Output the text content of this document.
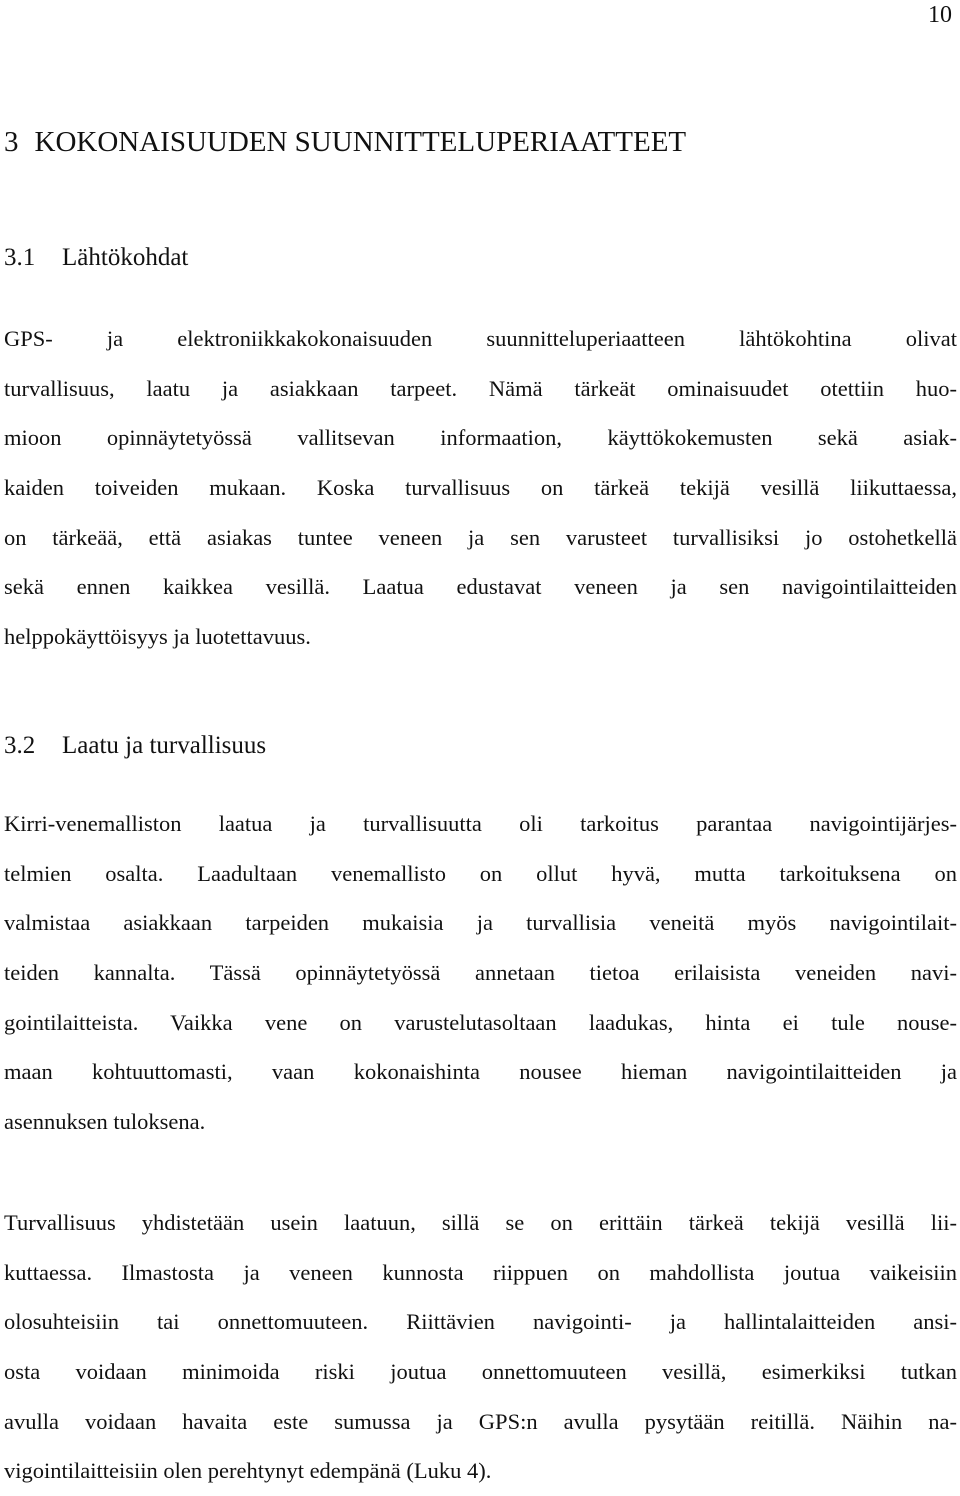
10
3 KOKONAISUUDEN SUUNNITTELUPERIAATTEET
3.1 Lähtökohdat

GPS- ja elektroniikkakokonaisuuden suunnitteluperiaatteen lähtökohtina olivat
turvallisuus, laatu ja asiakkaan tarpeet. Nämä tärkeät ominaisuudet otettiin huo-
mioon opinnäytetyössä vallitsevan informaation, käyttökokemusten sekä asiak-
kaiden toiveiden mukaan. Koska turvallisuus on tärkeä tekijä vesillä liikuttaessa,
on tärkeää, että asiakas tuntee veneen ja sen varusteet turvallisiksi jo ostohetkellä
sekä ennen kaikkea vesillä. Laatua edustavat veneen ja sen navigointilaitteiden
helppokäyttöisyys ja luotettavuus.

3.2 Laatu ja turvallisuus

Kirri-venemalliston laatua ja turvallisuutta oli tarkoitus parantaa navigointijärjes-
telmien osalta. Laadultaan venemallisto on ollut hyvä, mutta tarkoituksena on
valmistaa asiakkaan tarpeiden mukaisia ja turvallisia veneitä myös navigointilait-
teiden kannalta. Tässä opinnäytetyössä annetaan tietoa erilaisista veneiden navi-
gointilaitteista. Vaikka vene on varustelutasoltaan laadukas, hinta ei tule nouse-
maan kohtuuttomasti, vaan kokonaishinta nousee hieman navigointilaitteiden ja
asennuksen tuloksena.

Turvallisuus yhdistetään usein laatuun, sillä se on erittäin tärkeä tekijä vesillä lii-
kuttaessa. Ilmastosta ja veneen kunnosta riippuen on mahdollista joutua vaikeisiin
olosuhteisiin tai onnettomuuteen. Riittävien navigointi- ja hallintalaitteiden ansi-
osta voidaan minimoida riski joutua onnettomuuteen vesillä, esimerkiksi tutkan
avulla voidaan havaita este sumussa ja GPS:n avulla pysytään reitillä. Näihin na-
vigointilaitteisiin olen perehtynyt edempänä (Luku 4).
